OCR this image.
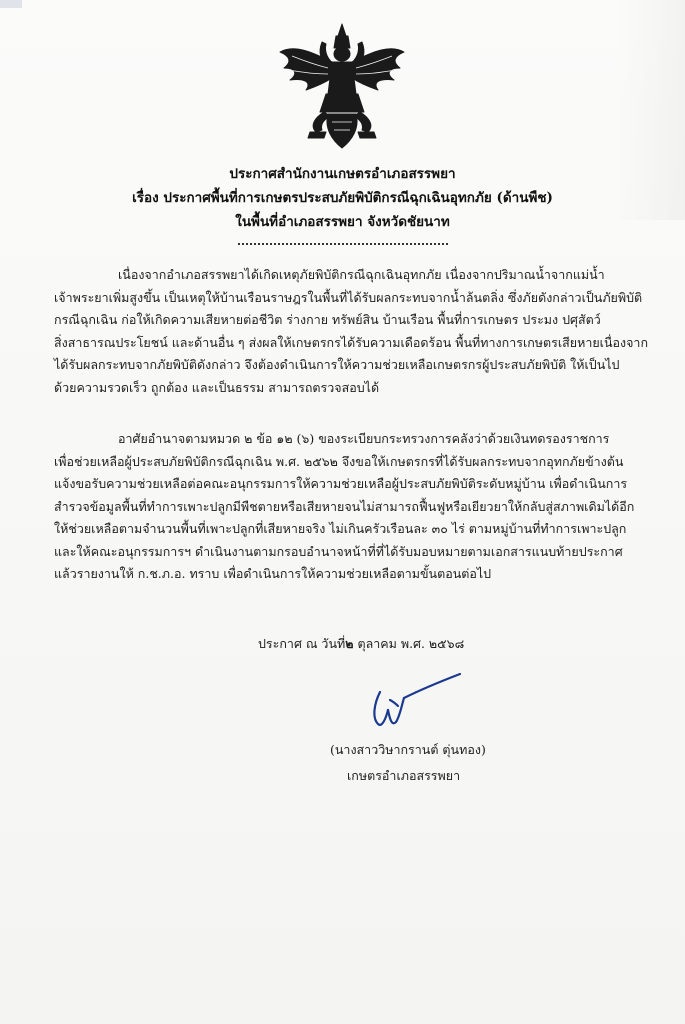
ประกาศสำนักงานเกษตรอำเภอสรรพยา
เรื่อง ประกาศพื้นที่การเกษตรประสบภัยพิบัติกรณีฉุกเฉินอุทกภัย (ด้านพืช)
ในพื้นที่อำเภอสรรพยา จังหวัดชัยนาท
เนื่องจากอำเภอสรรพยาได้เกิดเหตุภัยพิบัติกรณีฉุกเฉินอุทกภัย เนื่องจากปริมาณน้ำจากแม่น้ำ
เจ้าพระยาเพิ่มสูงขึ้น เป็นเหตุให้บ้านเรือนราษฎรในพื้นที่ได้รับผลกระทบจากน้ำล้นตลิ่ง ซึ่งภัยดังกล่าวเป็นภัยพิบัติ
กรณีฉุกเฉิน ก่อให้เกิดความเสียหายต่อชีวิต ร่างกาย ทรัพย์สิน บ้านเรือน พื้นที่การเกษตร ประมง ปศุสัตว์
สิ่งสาธารณประโยชน์ และด้านอื่น ๆ ส่งผลให้เกษตรกรได้รับความเดือดร้อน พื้นที่ทางการเกษตรเสียหายเนื่องจาก
ได้รับผลกระทบจากภัยพิบัติดังกล่าว จึงต้องดำเนินการให้ความช่วยเหลือเกษตรกรผู้ประสบภัยพิบัติ ให้เป็นไป
ด้วยความรวดเร็ว ถูกต้อง และเป็นธรรม สามารถตรวจสอบได้
อาศัยอำนาจตามหมวด ๒ ข้อ ๑๒ (๖) ของระเบียบกระทรวงการคลังว่าด้วยเงินทดรองราชการ
เพื่อช่วยเหลือผู้ประสบภัยพิบัติกรณีฉุกเฉิน พ.ศ. ๒๕๖๒ จึงขอให้เกษตรกรที่ได้รับผลกระทบจากอุทกภัยข้างต้น
แจ้งขอรับความช่วยเหลือต่อคณะอนุกรรมการให้ความช่วยเหลือผู้ประสบภัยพิบัติระดับหมู่บ้าน เพื่อดำเนินการ
สำรวจข้อมูลพื้นที่ทำการเพาะปลูกมีพืชตายหรือเสียหายจนไม่สามารถฟื้นฟูหรือเยียวยาให้กลับสู่สภาพเดิมได้อีก
ให้ช่วยเหลือตามจำนวนพื้นที่เพาะปลูกที่เสียหายจริง ไม่เกินครัวเรือนละ ๓๐ ไร่ ตามหมู่บ้านที่ทำการเพาะปลูก
และให้คณะอนุกรรมการฯ ดำเนินงานตามกรอบอำนาจหน้าที่ที่ได้รับมอบหมายตามเอกสารแนบท้ายประกาศ
แล้วรายงานให้ ก.ช.ภ.อ. ทราบ เพื่อดำเนินการให้ความช่วยเหลือตามขั้นตอนต่อไป
ประกาศ ณ วันที่๒ ตุลาคม พ.ศ. ๒๕๖๘
(นางสาววิษากรานต์ ตุ่นทอง)
เกษตรอำเภอสรรพยา
